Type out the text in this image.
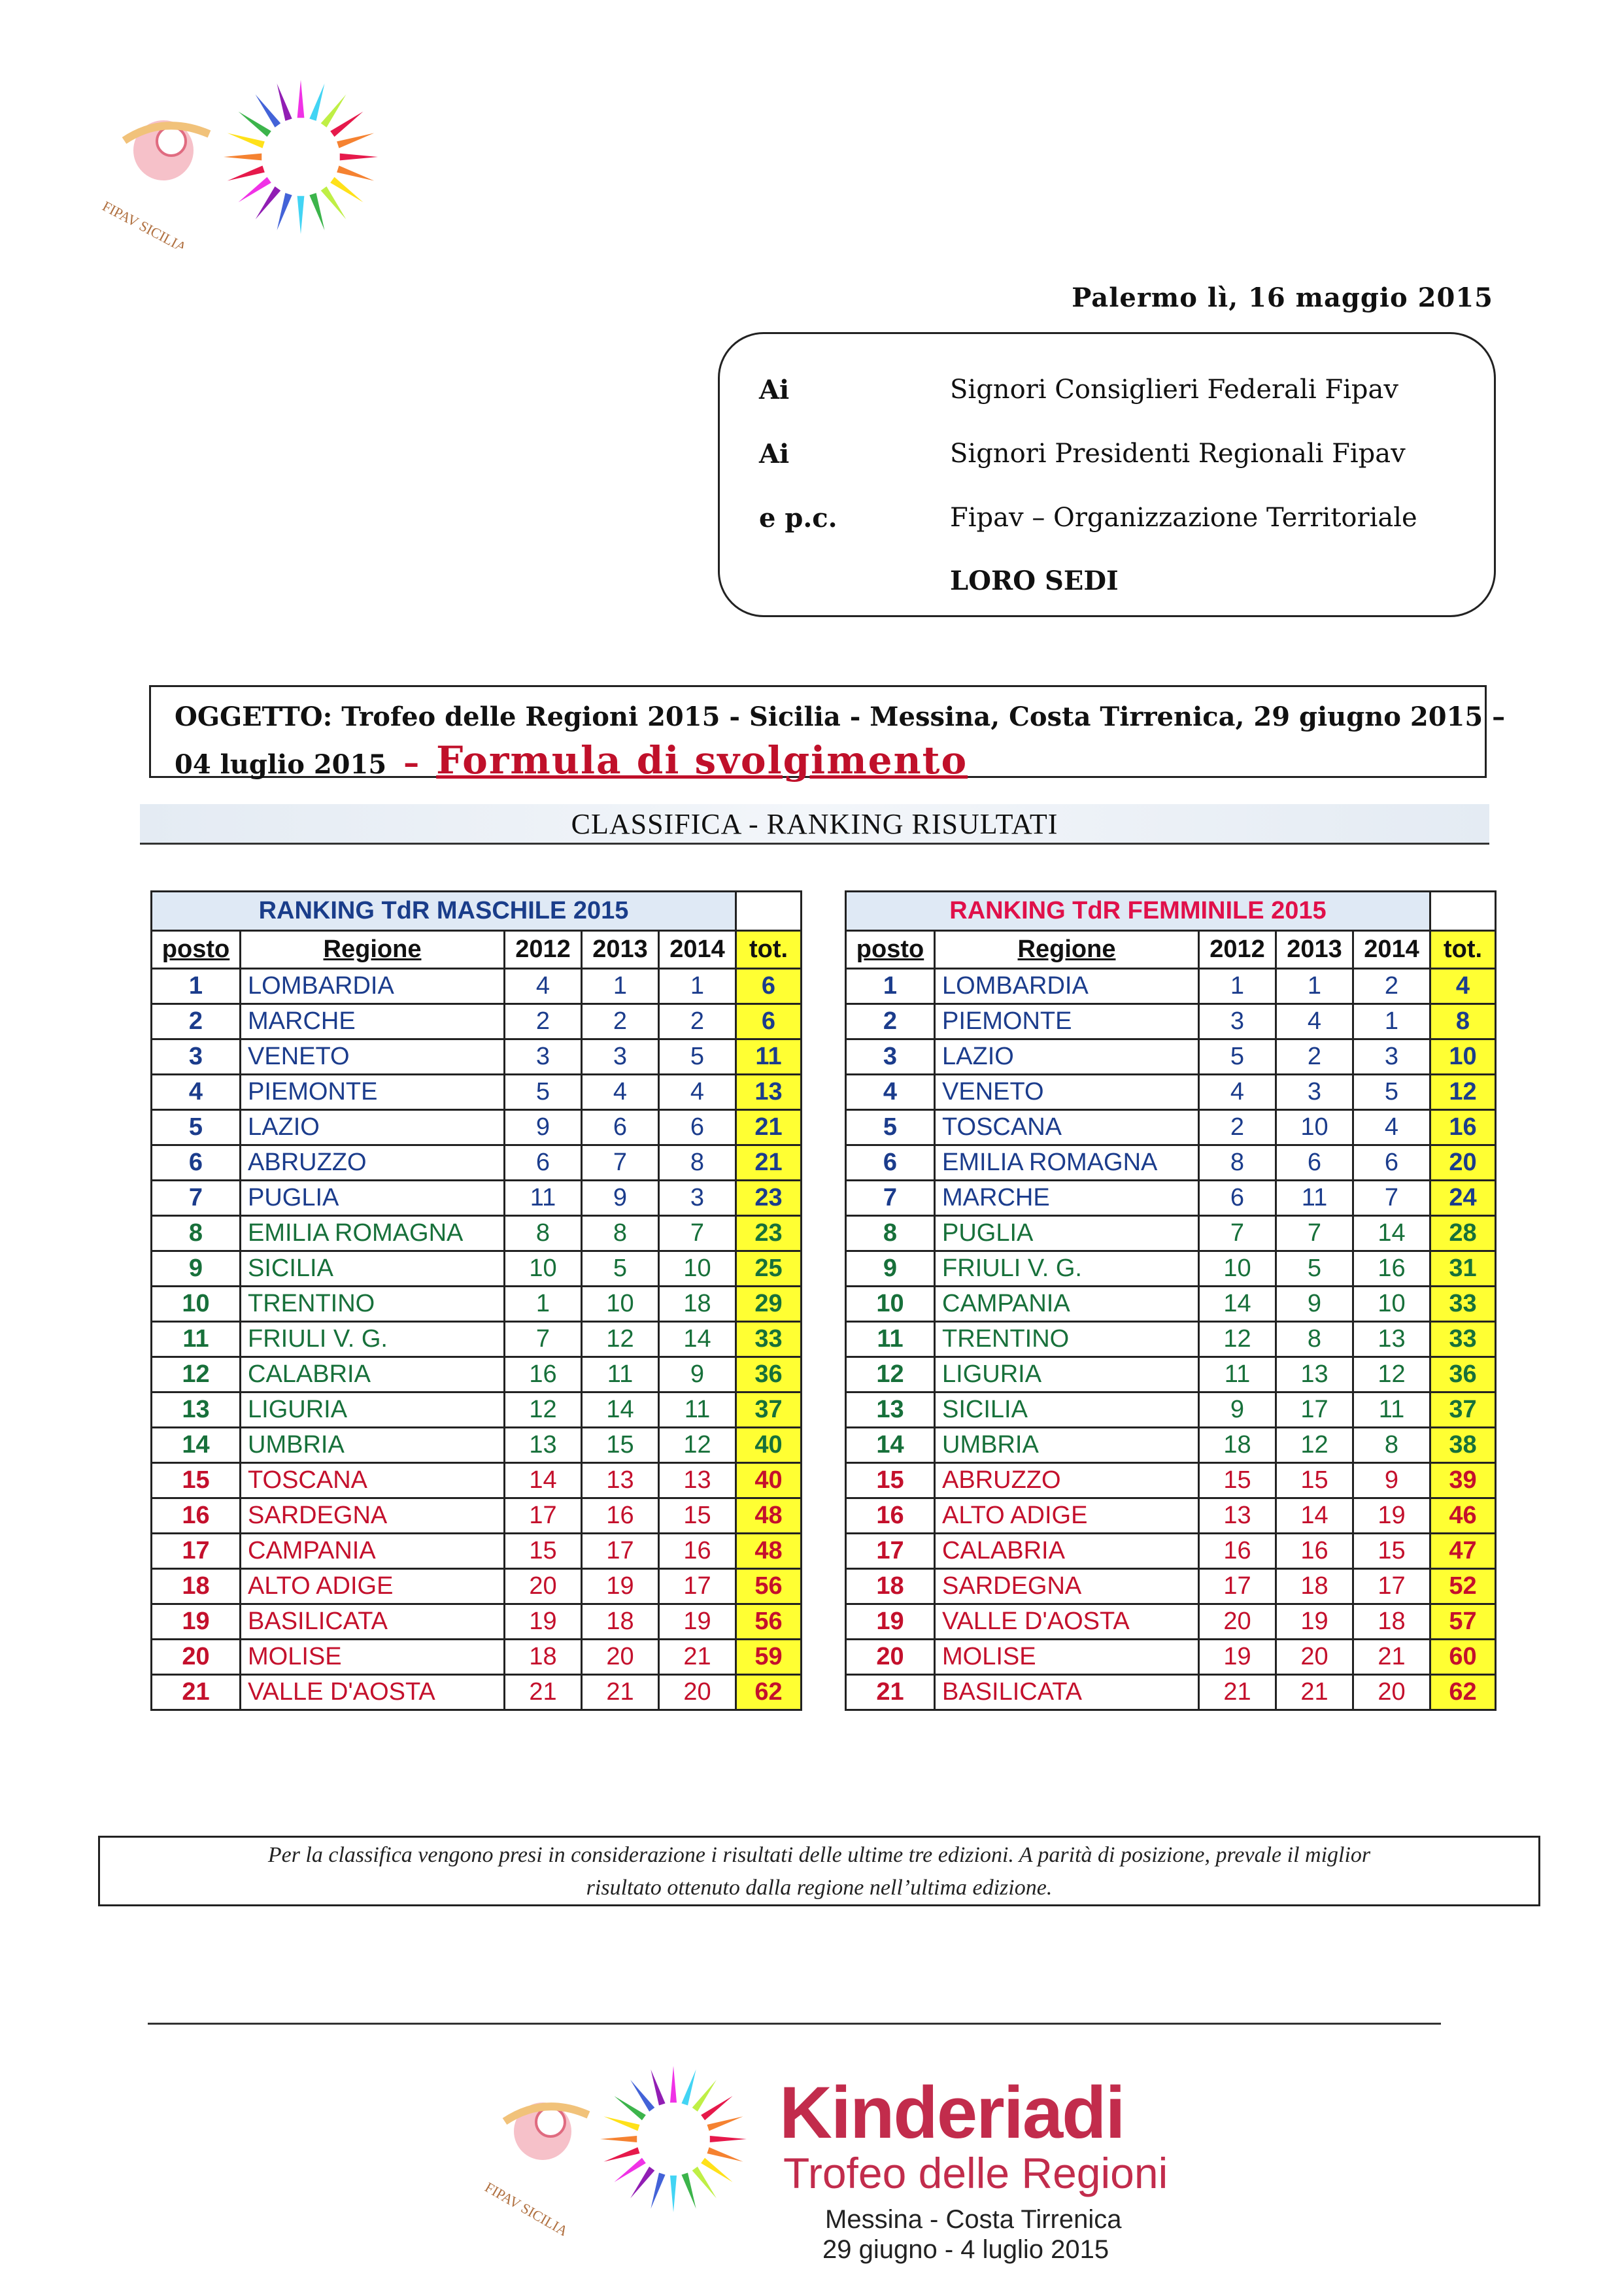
FIPAV SICILIA
Palermo lì, 16 maggio 2015
Ai	Signori Consiglieri Federali Fipav
Ai	Signori Presidenti Regionali Fipav
e p.c.	Fipav – Organizzazione Territoriale
LORO SEDI
OGGETTO: Trofeo delle Regioni 2015 - Sicilia - Messina, Costa Tirrenica, 29 giugno 2015 –
04 luglio 2015 – Formula di svolgimento
CLASSIFICA - RANKING RISULTATI
RANKING TdR MASCHILE 2015					
posto	Regione	2012	2013	2014	tot.
1	LOMBARDIA	4	1	1	6
2	MARCHE	2	2	2	6
3	VENETO	3	3	5	11
4	PIEMONTE	5	4	4	13
5	LAZIO	9	6	6	21
6	ABRUZZO	6	7	8	21
7	PUGLIA	11	9	3	23
8	EMILIA ROMAGNA	8	8	7	23
9	SICILIA	10	5	10	25
10	TRENTINO	1	10	18	29
11	FRIULI V. G.	7	12	14	33
12	CALABRIA	16	11	9	36
13	LIGURIA	12	14	11	37
14	UMBRIA	13	15	12	40
15	TOSCANA	14	13	13	40
16	SARDEGNA	17	16	15	48
17	CAMPANIA	15	17	16	48
18	ALTO ADIGE	20	19	17	56
19	BASILICATA	19	18	19	56
20	MOLISE	18	20	21	59
21	VALLE D'AOSTA	21	21	20	62
RANKING TdR FEMMINILE 2015					
posto	Regione	2012	2013	2014	tot.
1	LOMBARDIA	1	1	2	4
2	PIEMONTE	3	4	1	8
3	LAZIO	5	2	3	10
4	VENETO	4	3	5	12
5	TOSCANA	2	10	4	16
6	EMILIA ROMAGNA	8	6	6	20
7	MARCHE	6	11	7	24
8	PUGLIA	7	7	14	28
9	FRIULI V. G.	10	5	16	31
10	CAMPANIA	14	9	10	33
11	TRENTINO	12	8	13	33
12	LIGURIA	11	13	12	36
13	SICILIA	9	17	11	37
14	UMBRIA	18	12	8	38
15	ABRUZZO	15	15	9	39
16	ALTO ADIGE	13	14	19	46
17	CALABRIA	16	16	15	47
18	SARDEGNA	17	18	17	52
19	VALLE D'AOSTA	20	19	18	57
20	MOLISE	19	20	21	60
21	BASILICATA	21	21	20	62
Per la classifica vengono presi in considerazione i risultati delle ultime tre edizioni. A parità di posizione, prevale il miglior
risultato ottenuto dalla regione nell’ultima edizione.
FIPAV SICILIA
Kinderiadi
Trofeo delle Regioni
Messina - Costa Tirrenica
29 giugno - 4 luglio 2015
